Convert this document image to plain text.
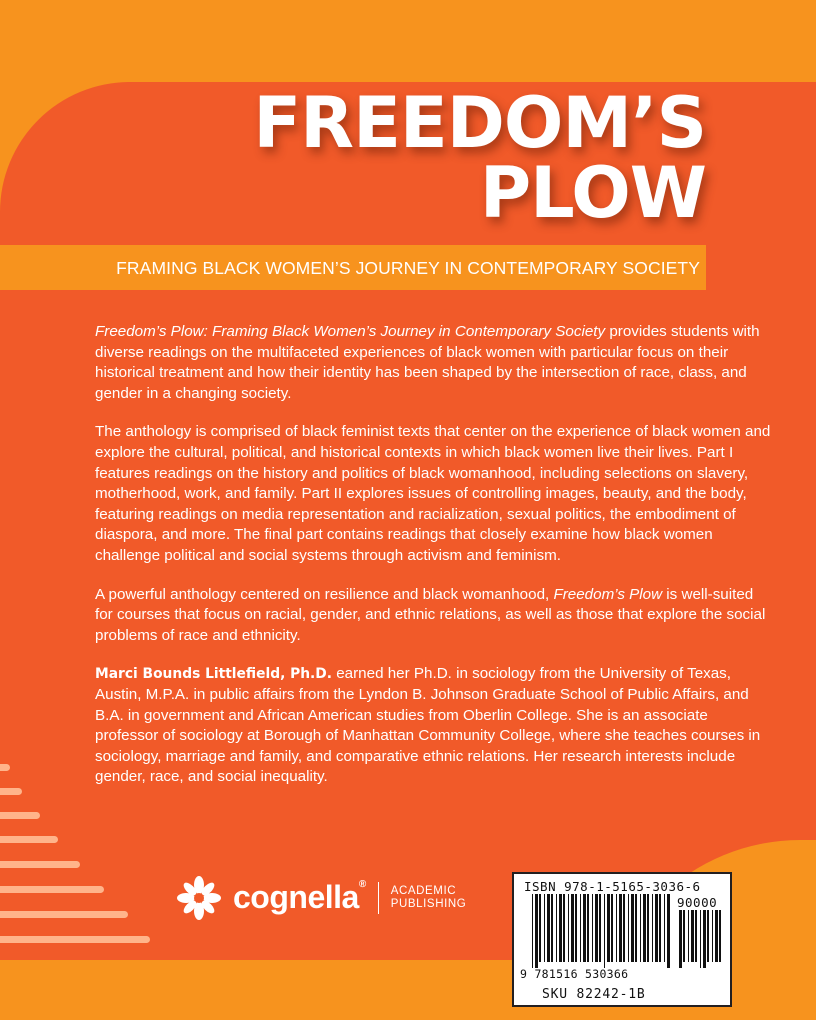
FREEDOM’S
PLOW

FRAMING BLACK WOMEN’S JOURNEY IN CONTEMPORARY SOCIETY

Freedom’s Plow: Framing Black Women’s Journey in Contemporary Society provides students with diverse readings on the multifaceted experiences of black women with particular focus on their historical treatment and how their identity has been shaped by the intersection of race, class, and gender in a changing society.

The anthology is comprised of black feminist texts that center on the experience of black women and explore the cultural, political, and historical contexts in which black women live their lives. Part I features readings on the history and politics of black womanhood, including selections on slavery, motherhood, work, and family. Part II explores issues of controlling images, beauty, and the body, featuring readings on media representation and racialization, sexual politics, the embodiment of diaspora, and more. The final part contains readings that closely examine how black women challenge political and social systems through activism and feminism.

A powerful anthology centered on resilience and black womanhood, Freedom’s Plow is well-suited for courses that focus on racial, gender, and ethnic relations, as well as those that explore the social problems of race and ethnicity.

Marci Bounds Littlefield, Ph.D. earned her Ph.D. in sociology from the University of Texas, Austin, M.P.A. in public affairs from the Lyndon B. Johnson Graduate School of Public Affairs, and B.A. in government and African American studies from Oberlin College. She is an associate professor of sociology at Borough of Manhattan Community College, where she teaches courses in sociology, marriage and family, and comparative ethnic relations. Her research interests include gender, race, and social inequality.

cognella® ACADEMIC
PUBLISHING
ISBN 978-1-5165-3036-6
90000
9 781516 530366
SKU 82242-1B
